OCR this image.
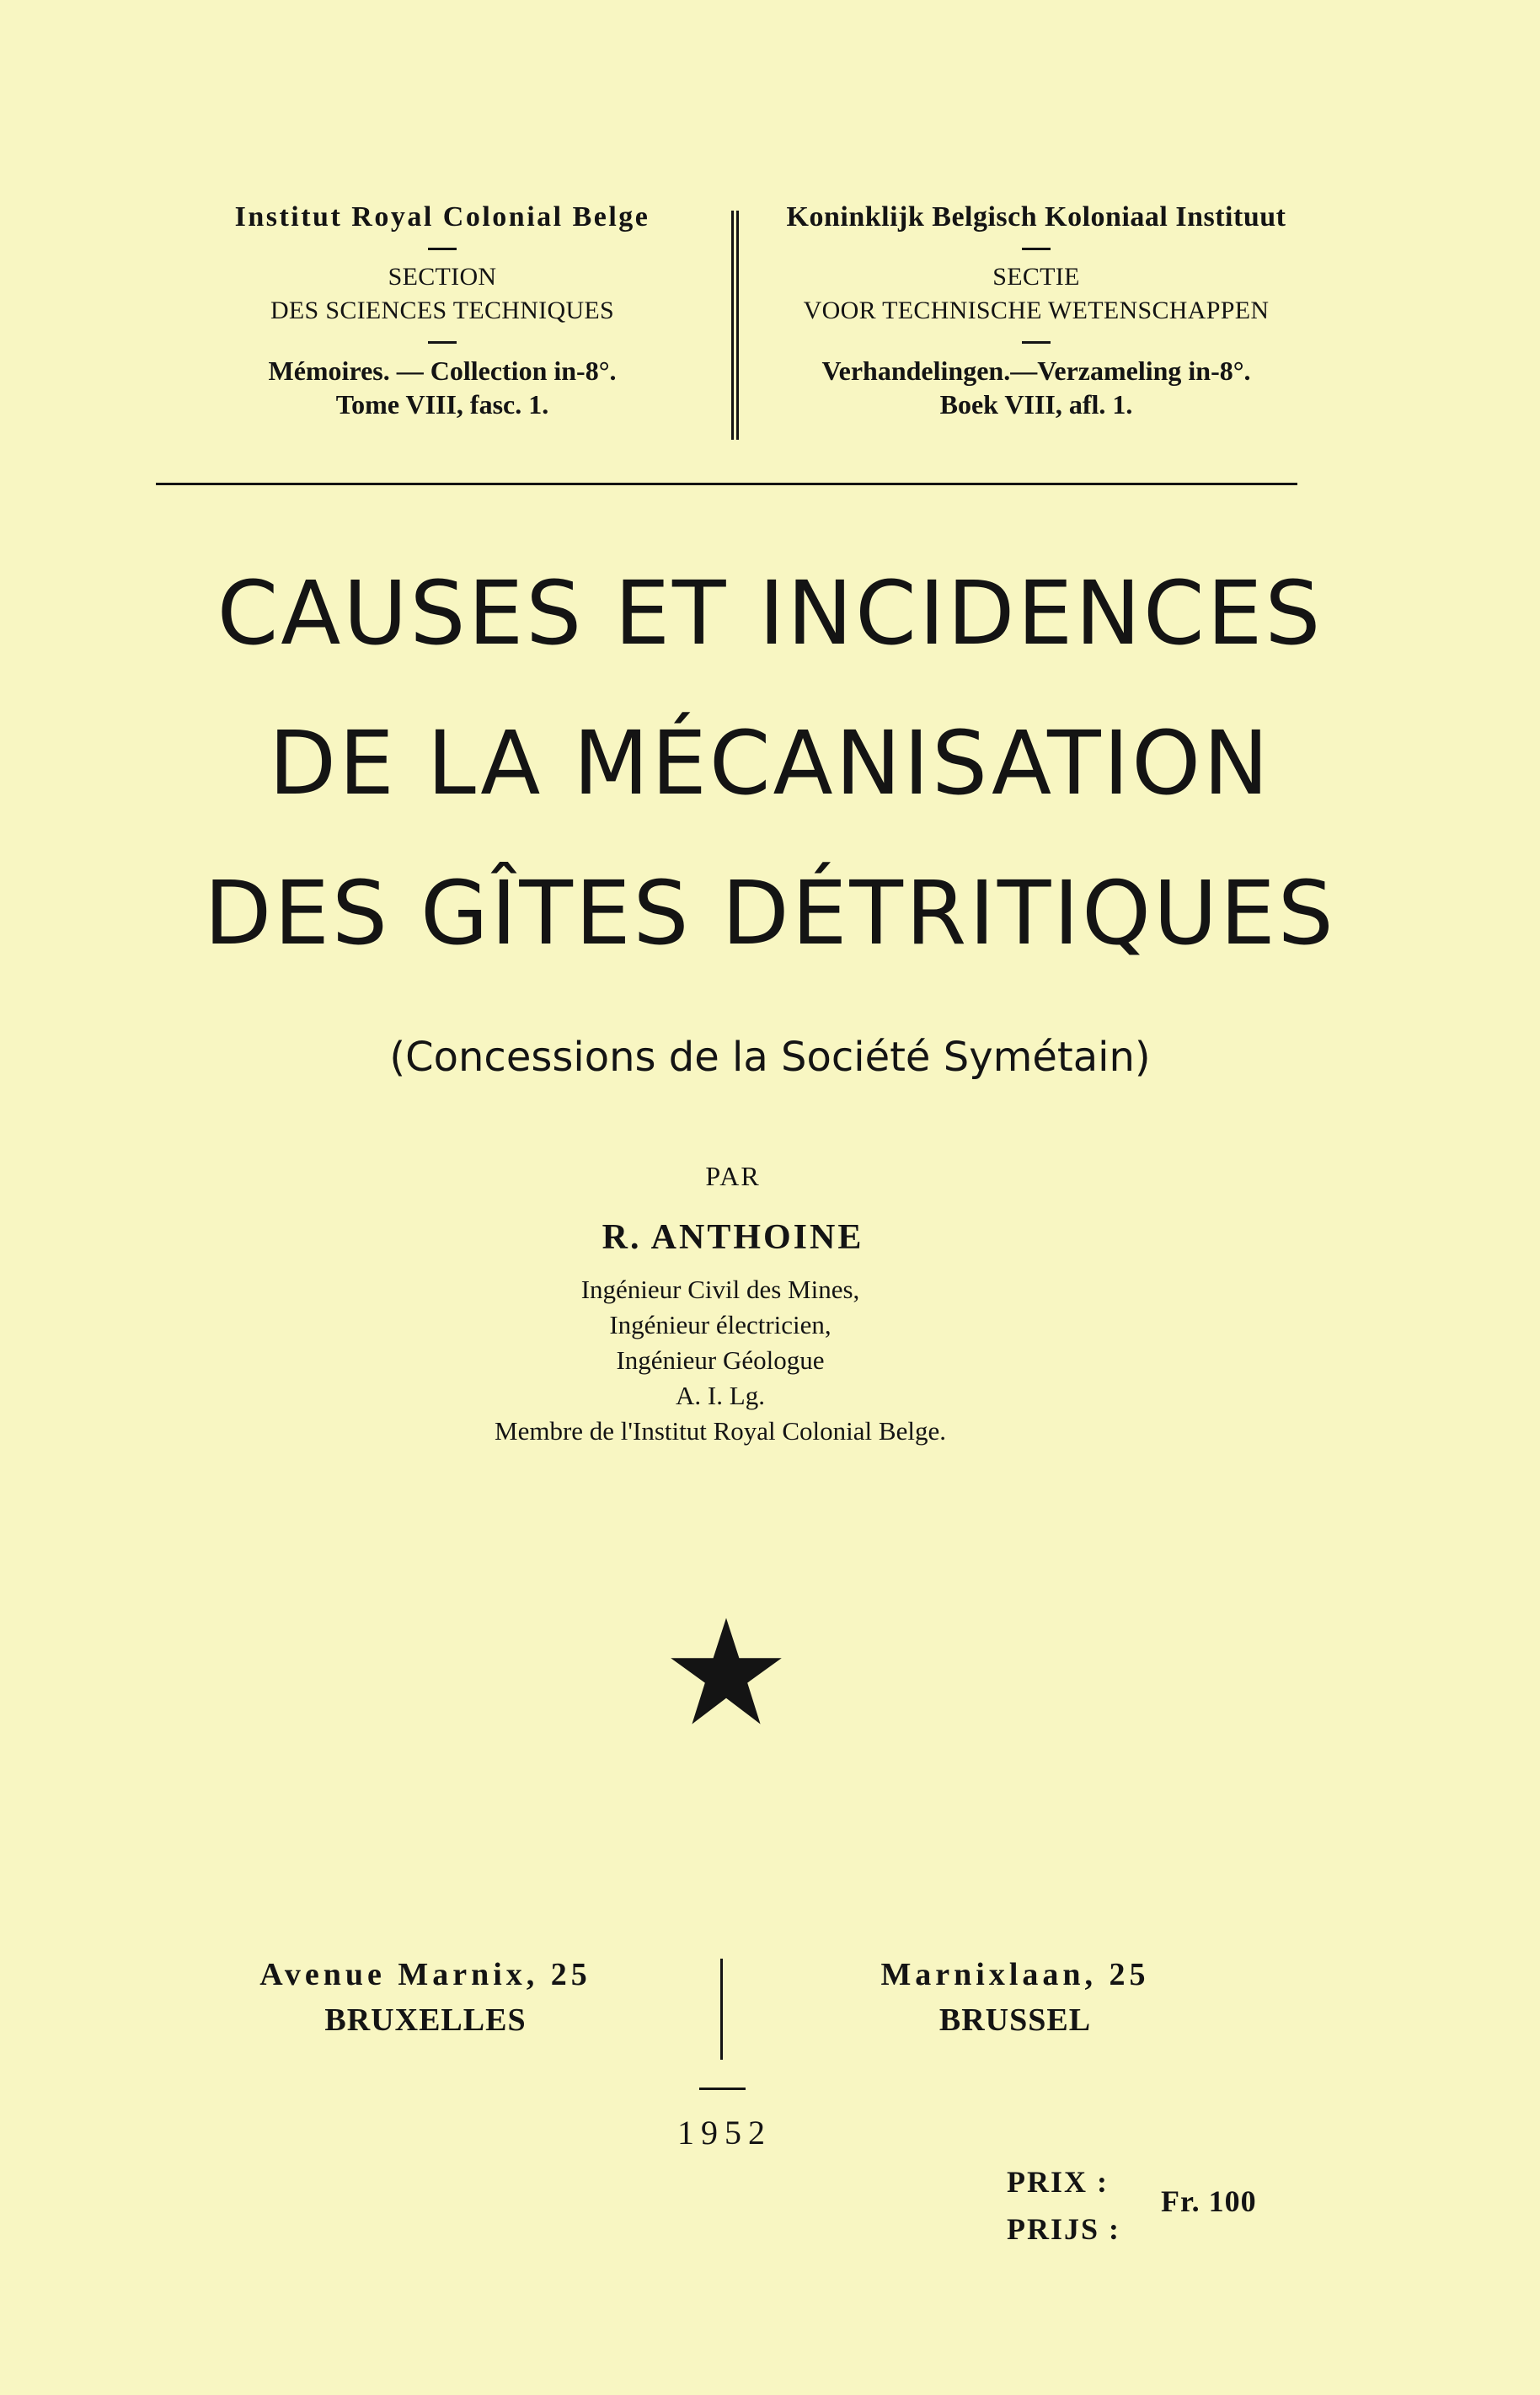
Institut Royal Colonial Belge
SECTION
DES SCIENCES TECHNIQUES
Mémoires. — Collection in-8°.
Tome VIII, fasc. 1.
Koninklijk Belgisch Koloniaal Instituut
SECTIE
VOOR TECHNISCHE WETENSCHAPPEN
Verhandelingen.—Verzameling in-8°.
Boek VIII, afl. 1.
CAUSES ET INCIDENCES
DE LA MÉCANISATION
DES GÎTES DÉTRITIQUES
(Concessions de la Société Symétain)
PAR
R. ANTHOINE
Ingénieur Civil des Mines,
Ingénieur électricien,
Ingénieur Géologue
A. I. Lg.
Membre de l'Institut Royal Colonial Belge.
Avenue Marnix, 25
BRUXELLES
Marnixlaan, 25
BRUSSEL
1952
PRIX :
PRIJS :
Fr. 100
